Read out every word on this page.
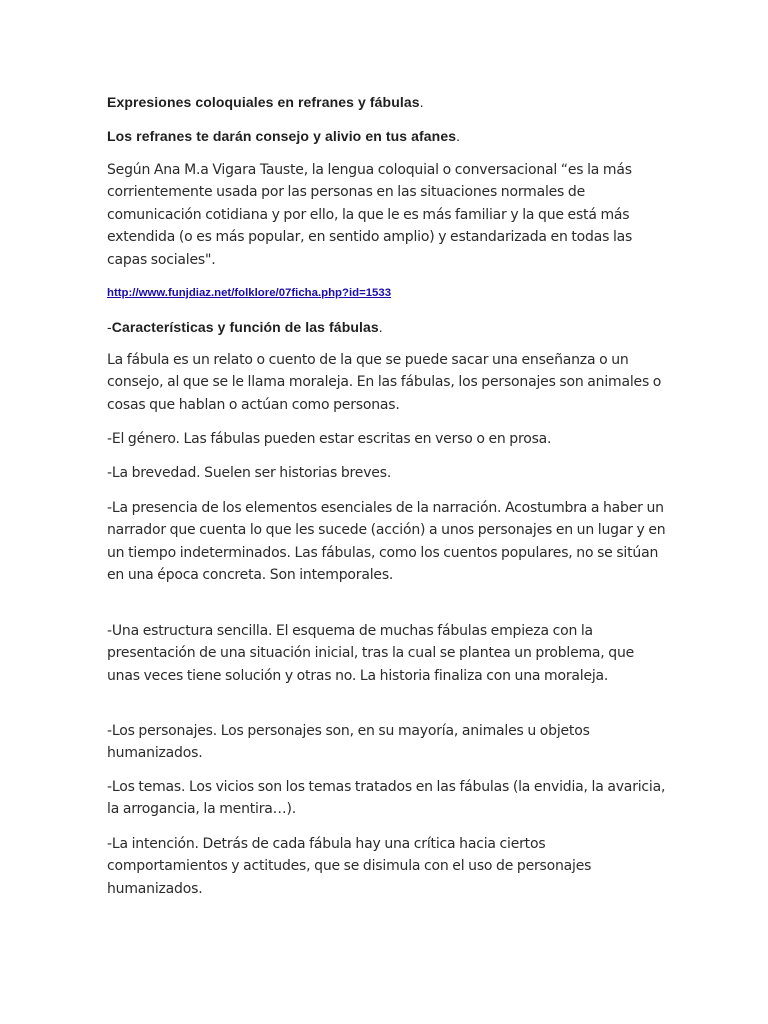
Expresiones coloquiales en refranes y fábulas.

Los refranes te darán consejo y alivio en tus afanes.

Según Ana M.a Vigara Tauste, la lengua coloquial o conversacional “es la más corrientemente usada por las personas en las situaciones normales de comunicación cotidiana y por ello, la que le es más familiar y la que está más extendida (o es más popular, en sentido amplio) y estandarizada en todas las capas sociales".

http://www.funjdiaz.net/folklore/07ficha.php?id=1533

-Características y función de las fábulas.

La fábula es un relato o cuento de la que se puede sacar una enseñanza o un consejo, al que se le llama moraleja. En las fábulas, los personajes son animales o cosas que hablan o actúan como personas.

-El género. Las fábulas pueden estar escritas en verso o en prosa.

-La brevedad. Suelen ser historias breves.

-La presencia de los elementos esenciales de la narración. Acostumbra a haber un narrador que cuenta lo que les sucede (acción) a unos personajes en un lugar y en un tiempo indeterminados. Las fábulas, como los cuentos populares, no se sitúan en una época concreta. Son intemporales.

-Una estructura sencilla. El esquema de muchas fábulas empieza con la presentación de una situación inicial, tras la cual se plantea un problema, que unas veces tiene solución y otras no. La historia finaliza con una moraleja.

-Los personajes. Los personajes son, en su mayoría, animales u objetos humanizados.

-Los temas. Los vicios son los temas tratados en las fábulas (la envidia, la avaricia, la arrogancia, la mentira…).

-La intención. Detrás de cada fábula hay una crítica hacia ciertos comportamientos y actitudes, que se disimula con el uso de personajes humanizados.
